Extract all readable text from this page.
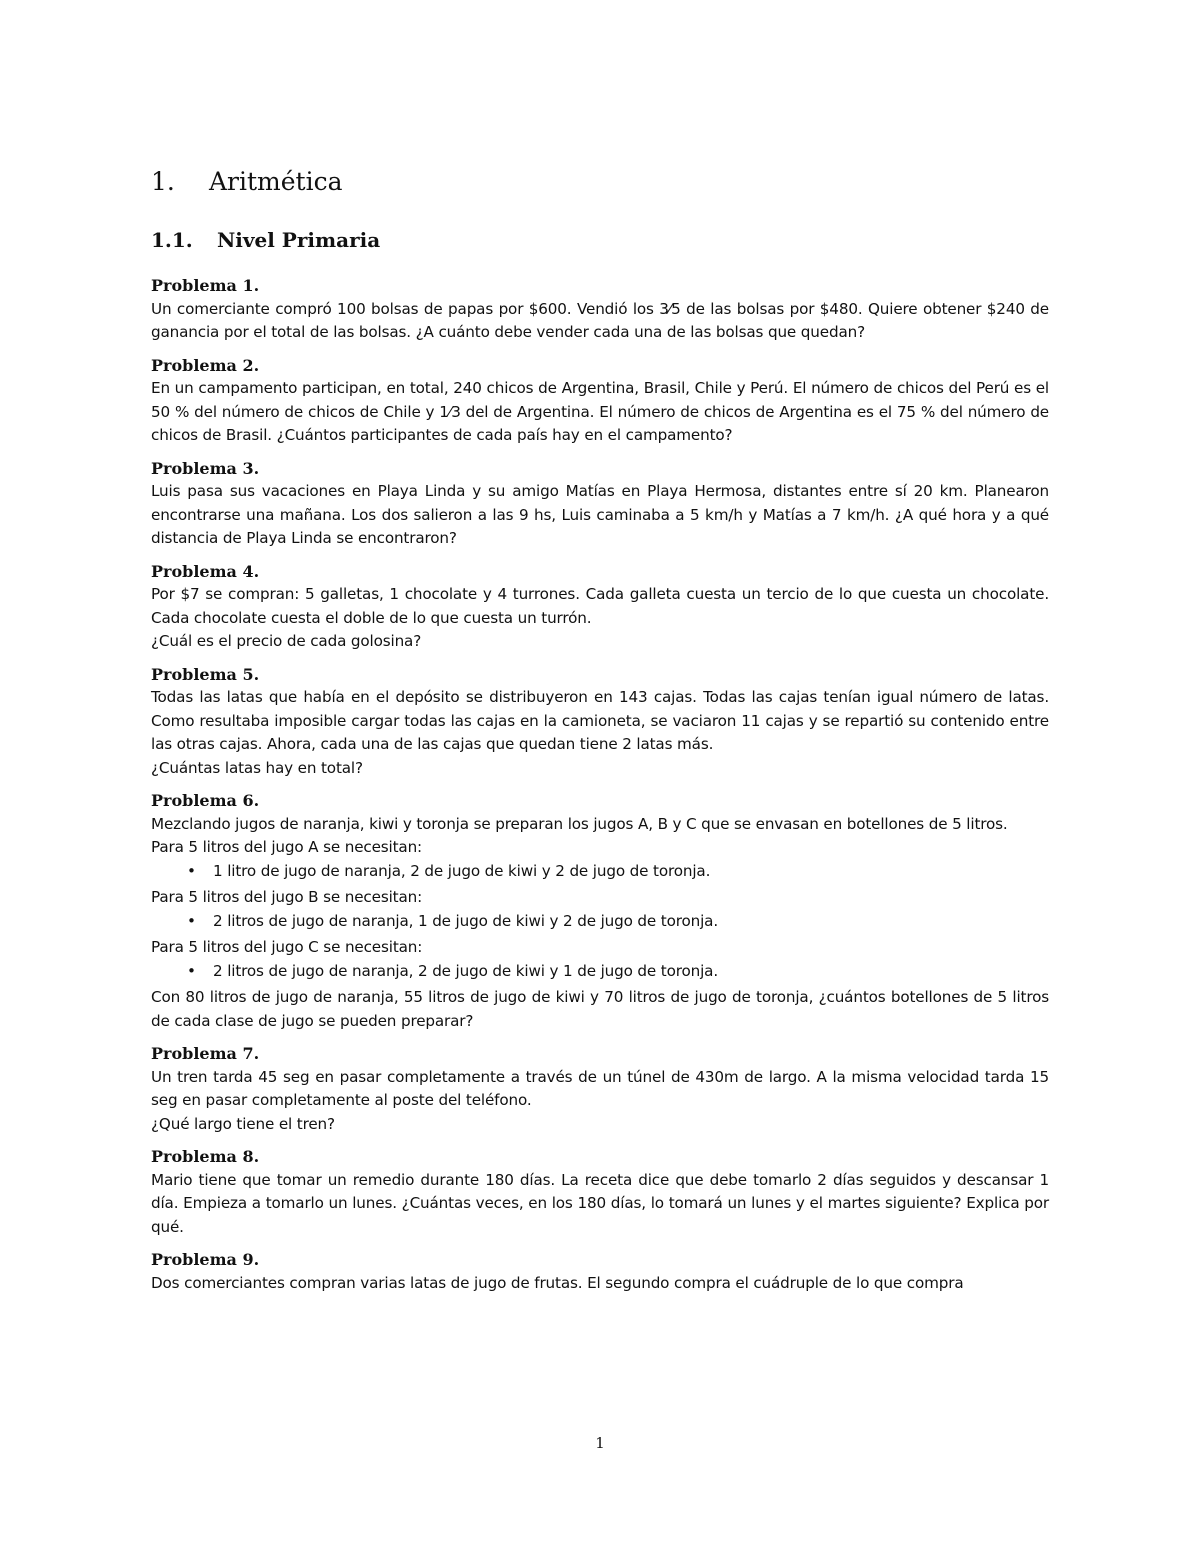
1. Aritmética
1.1. Nivel Primaria

Problema 1.

Un comerciante compró 100 bolsas de papas por $600. Vendió los 3⁄5 de las bolsas por $480. Quiere obtener $240 de ganancia por el total de las bolsas. ¿A cuánto debe vender cada una de las bolsas que quedan?

Problema 2.

En un campamento participan, en total, 240 chicos de Argentina, Brasil, Chile y Perú. El número de chicos del Perú es el 50 % del número de chicos de Chile y 1⁄3 del de Argentina. El número de chicos de Argentina es el 75 % del número de chicos de Brasil. ¿Cuántos participantes de cada país hay en el campamento?

Problema 3.

Luis pasa sus vacaciones en Playa Linda y su amigo Matías en Playa Hermosa, distantes entre sí 20 km. Planearon encontrarse una mañana. Los dos salieron a las 9 hs, Luis caminaba a 5 km/h y Matías a 7 km/h. ¿A qué hora y a qué distancia de Playa Linda se encontraron?

Problema 4.

Por $7 se compran: 5 galletas, 1 chocolate y 4 turrones. Cada galleta cuesta un tercio de lo que cuesta un chocolate. Cada chocolate cuesta el doble de lo que cuesta un turrón.

¿Cuál es el precio de cada golosina?

Problema 5.

Todas las latas que había en el depósito se distribuyeron en 143 cajas. Todas las cajas tenían igual número de latas. Como resultaba imposible cargar todas las cajas en la camioneta, se vaciaron 11 cajas y se repartió su contenido entre las otras cajas. Ahora, cada una de las cajas que quedan tiene 2 latas más.

¿Cuántas latas hay en total?

Problema 6.

Mezclando jugos de naranja, kiwi y toronja se preparan los jugos A, B y C que se envasan en botellones de 5 litros.

Para 5 litros del jugo A se necesitan:

• 1 litro de jugo de naranja, 2 de jugo de kiwi y 2 de jugo de toronja.

Para 5 litros del jugo B se necesitan:

• 2 litros de jugo de naranja, 1 de jugo de kiwi y 2 de jugo de toronja.

Para 5 litros del jugo C se necesitan:

• 2 litros de jugo de naranja, 2 de jugo de kiwi y 1 de jugo de toronja.

Con 80 litros de jugo de naranja, 55 litros de jugo de kiwi y 70 litros de jugo de toronja, ¿cuántos botellones de 5 litros de cada clase de jugo se pueden preparar?

Problema 7.

Un tren tarda 45 seg en pasar completamente a través de un túnel de 430m de largo. A la misma velocidad tarda 15 seg en pasar completamente al poste del teléfono.

¿Qué largo tiene el tren?

Problema 8.

Mario tiene que tomar un remedio durante 180 días. La receta dice que debe tomarlo 2 días seguidos y descansar 1 día. Empieza a tomarlo un lunes. ¿Cuántas veces, en los 180 días, lo tomará un lunes y el martes siguiente? Explica por qué.

Problema 9.

Dos comerciantes compran varias latas de jugo de frutas. El segundo compra el cuádruple de lo que compra

1
